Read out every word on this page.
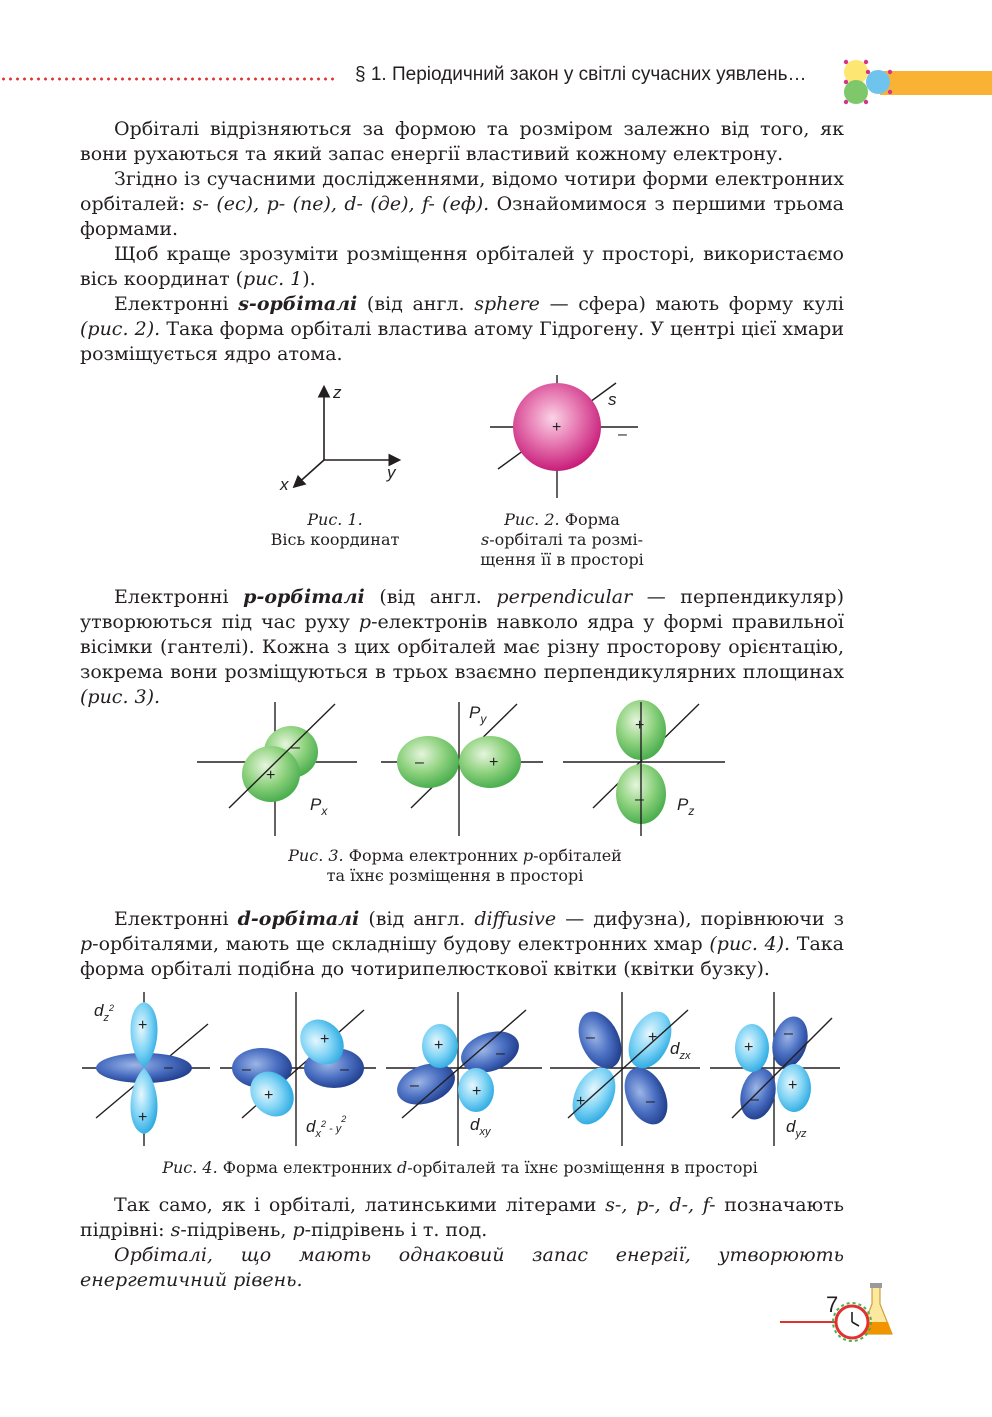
§ 1. Періодичний закон у світлі сучасних уявлень…

Орбіталі відрізняються за формою та розміром залежно від того, як вони рухаються та який запас енергії властивий кожному електрону.

Згідно із сучасними дослідженнями, відомо чотири форми електронних орбіталей: s- (ес), р- (пе), d- (де), f- (еф). Ознайомимося з першими трьома формами.

Щоб краще зрозуміти розміщення орбіталей у просторі, використаємо вісь координат (рис. 1).

Електронні s-орбіталі (від англ. sphere — сфера) мають форму кулі (рис. 2). Така форма орбіталі властива атому Гідрогену. У центрі цієї хмари розміщується ядро атома.

z
y
x
Рис. 1.
Вісь координат
+
s
–
Рис. 2. Форма
s-орбіталі та розмі-
щення її в просторі

Електронні р-орбіталі (від англ. perpendicular — перпендикуляр) утворюються під час руху р-електронів навколо ядра у формі правильної вісімки (гантелі). Кожна з цих орбіталей має різну просторову орієнтацію, зокрема вони розміщуються в трьох взаємно перпендикулярних площинах (рис. 3).

+
–
$P_x$
–	+
$P_y$	+
– $P_z$
Рис. 3. Форма електронних р-орбіталей
та їхнє розміщення в просторі

Електронні d-орбіталі (від англ. diffusive — дифузна), порівнюючи з р-орбіталями, мають ще складнішу будову електронних хмар (рис. 4). Така форма орбіталі подібна до чотирипелюсткової квітки (квітки бузку).

+
+
–
$d_z^2$
+
+
–	–
$d_x^2$ $_-$ $y^2$
+
+
–
–
$d_{xy}$
+
+
–
–
$d_{zx}$	+
+
–
–
$d_{yz}$
Рис. 4. Форма електронних d-орбіталей та їхнє розміщення в просторі

Так само, як і орбіталі, латинськими літерами s-, р-, d-, f- позначають підрівні: s-підрівень, р-підрівень і т. под.

Орбіталі, що мають однаковий запас енергії, утворюють енергетичний рівень.

7
